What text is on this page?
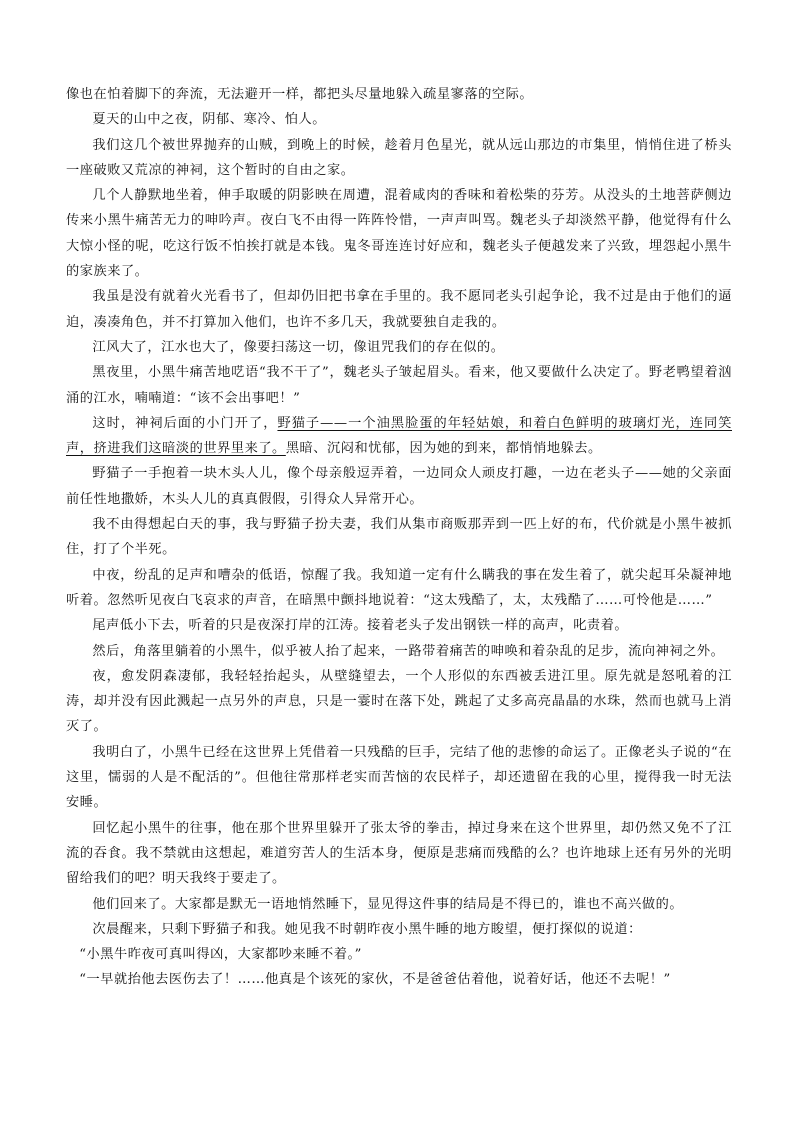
像也在怕着脚下的奔流，无法避开一样，都把头尽量地躲入疏星寥落的空际。

夏天的山中之夜，阴郁、寒冷、怕人。

我们这几个被世界抛弃的山贼，到晚上的时候，趁着月色星光，就从远山那边的市集里，悄悄住进了桥头一座破败又荒凉的神祠，这个暂时的自由之家。

几个人静默地坐着，伸手取暖的阴影映在周遭，混着咸肉的香味和着松柴的芬芳。从没头的土地菩萨侧边传来小黑牛痛苦无力的呻吟声。夜白飞不由得一阵阵怜惜，一声声叫骂。魏老头子却淡然平静，他觉得有什么大惊小怪的呢，吃这行饭不怕挨打就是本钱。鬼冬哥连连讨好应和，魏老头子便越发来了兴致，埋怨起小黑牛的家族来了。

我虽是没有就着火光看书了，但却仍旧把书拿在手里的。我不愿同老头引起争论，我不过是由于他们的逼迫，凑凑角色，并不打算加入他们，也许不多几天，我就要独自走我的。

江风大了，江水也大了，像要扫荡这一切，像诅咒我们的存在似的。

黑夜里，小黑牛痛苦地呓语“我不干了”，魏老头子皱起眉头。看来，他又要做什么决定了。野老鸭望着汹涌的江水，喃喃道：“该不会出事吧！”

这时，神祠后面的小门开了，野猫子——一个油黑脸蛋的年轻姑娘，和着白色鲜明的玻璃灯光，连同笑声，挤进我们这暗淡的世界里来了。黑暗、沉闷和忧郁，因为她的到来，都悄悄地躲去。

野猫子一手抱着一块木头人儿，像个母亲般逗弄着，一边同众人顽皮打趣，一边在老头子——她的父亲面前任性地撒娇，木头人儿的真真假假，引得众人异常开心。

我不由得想起白天的事，我与野猫子扮夫妻，我们从集市商贩那弄到一匹上好的布，代价就是小黑牛被抓住，打了个半死。

中夜，纷乱的足声和嘈杂的低语，惊醒了我。我知道一定有什么瞒我的事在发生着了，就尖起耳朵凝神地听着。忽然听见夜白飞哀求的声音，在暗黑中颤抖地说着：“这太残酷了，太，太残酷了……可怜他是……”

尾声低小下去，听着的只是夜深打岸的江涛。接着老头子发出钢铁一样的高声，叱责着。

然后，角落里躺着的小黑牛，似乎被人抬了起来，一路带着痛苦的呻唤和着杂乱的足步，流向神祠之外。

夜，愈发阴森凄郁，我轻轻抬起头，从壁缝望去，一个人形似的东西被丢进江里。原先就是怒吼着的江涛，却并没有因此溅起一点另外的声息，只是一霎时在落下处，跳起了丈多高亮晶晶的水珠，然而也就马上消灭了。

我明白了，小黑牛已经在这世界上凭借着一只残酷的巨手，完结了他的悲惨的命运了。正像老头子说的“在这里，懦弱的人是不配活的”。但他往常那样老实而苦恼的农民样子，却还遗留在我的心里，搅得我一时无法安睡。

回忆起小黑牛的往事，他在那个世界里躲开了张太爷的拳击，掉过身来在这个世界里，却仍然又免不了江流的吞食。我不禁就由这想起，难道穷苦人的生活本身，便原是悲痛而残酷的么？也许地球上还有另外的光明留给我们的吧？明天我终于要走了。

他们回来了。大家都是默无一语地悄然睡下，显见得这件事的结局是不得已的，谁也不高兴做的。

次晨醒来，只剩下野猫子和我。她见我不时朝昨夜小黑牛睡的地方睃望，便打探似的说道：

“小黑牛昨夜可真叫得凶，大家都吵来睡不着。”

“一早就抬他去医伤去了！……他真是个该死的家伙，不是爸爸估着他，说着好话，他还不去呢！”
